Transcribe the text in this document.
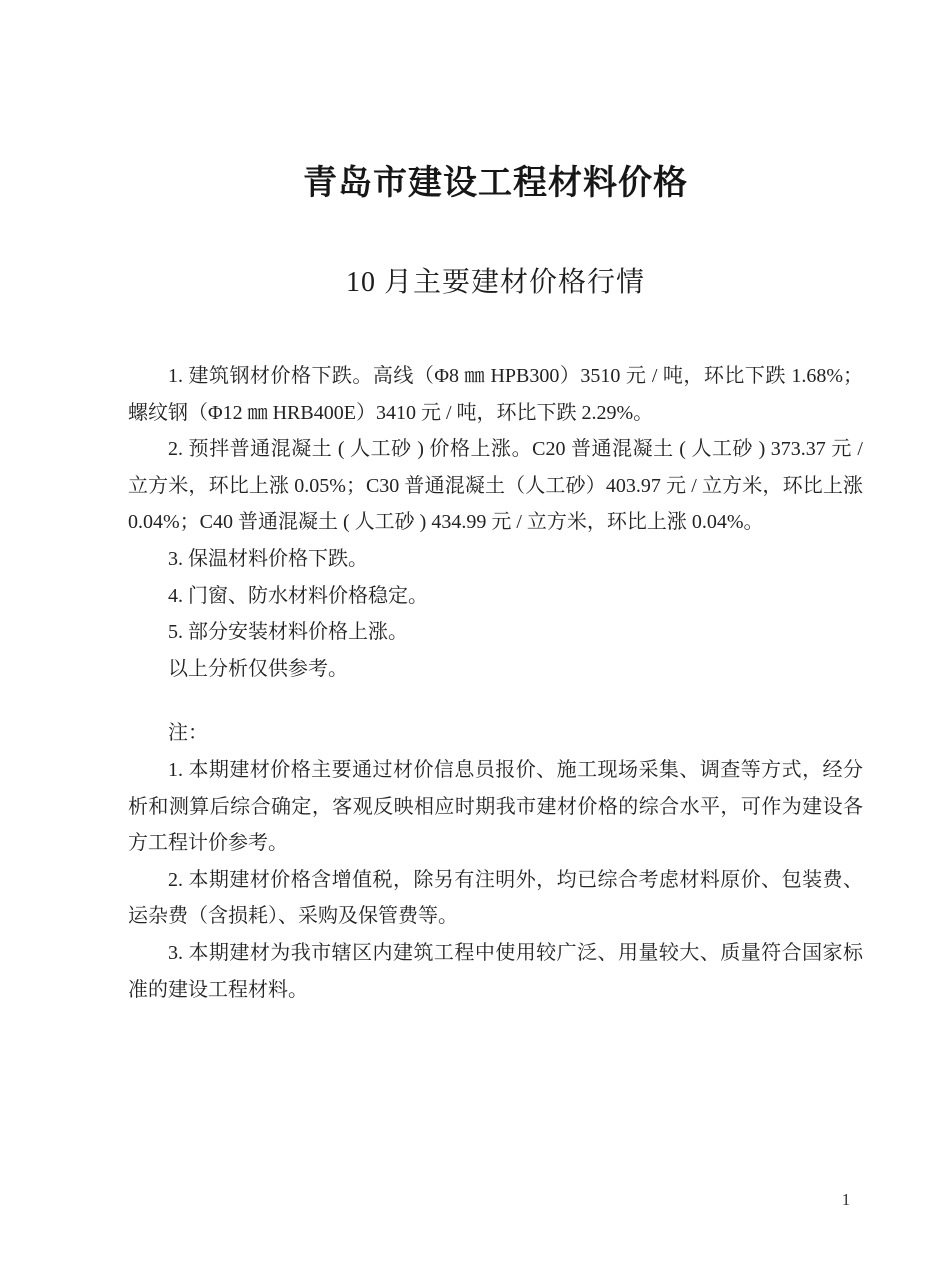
青岛市建设工程材料价格
10 月主要建材价格行情

1. 建筑钢材价格下跌。高线（Φ8 ㎜ HPB300）3510 元 / 吨，环比下跌 1.68%；螺纹钢（Φ12 ㎜ HRB400E）3410 元 / 吨，环比下跌 2.29%。

2. 预拌普通混凝土 ( 人工砂 ) 价格上涨。C20 普通混凝土 ( 人工砂 ) 373.37 元 / 立方米，环比上涨 0.05%；C30 普通混凝土（人工砂）403.97 元 / 立方米，环比上涨 0.04%；C40 普通混凝土 ( 人工砂 ) 434.99 元 / 立方米，环比上涨 0.04%。

3. 保温材料价格下跌。

4. 门窗、防水材料价格稳定。

5. 部分安装材料价格上涨。

以上分析仅供参考。

注：

1. 本期建材价格主要通过材价信息员报价、施工现场采集、调查等方式，经分析和测算后综合确定，客观反映相应时期我市建材价格的综合水平，可作为建设各方工程计价参考。

2. 本期建材价格含增值税，除另有注明外，均已综合考虑材料原价、包装费、运杂费（含损耗）、采购及保管费等。

3. 本期建材为我市辖区内建筑工程中使用较广泛、用量较大、质量符合国家标准的建设工程材料。

1
